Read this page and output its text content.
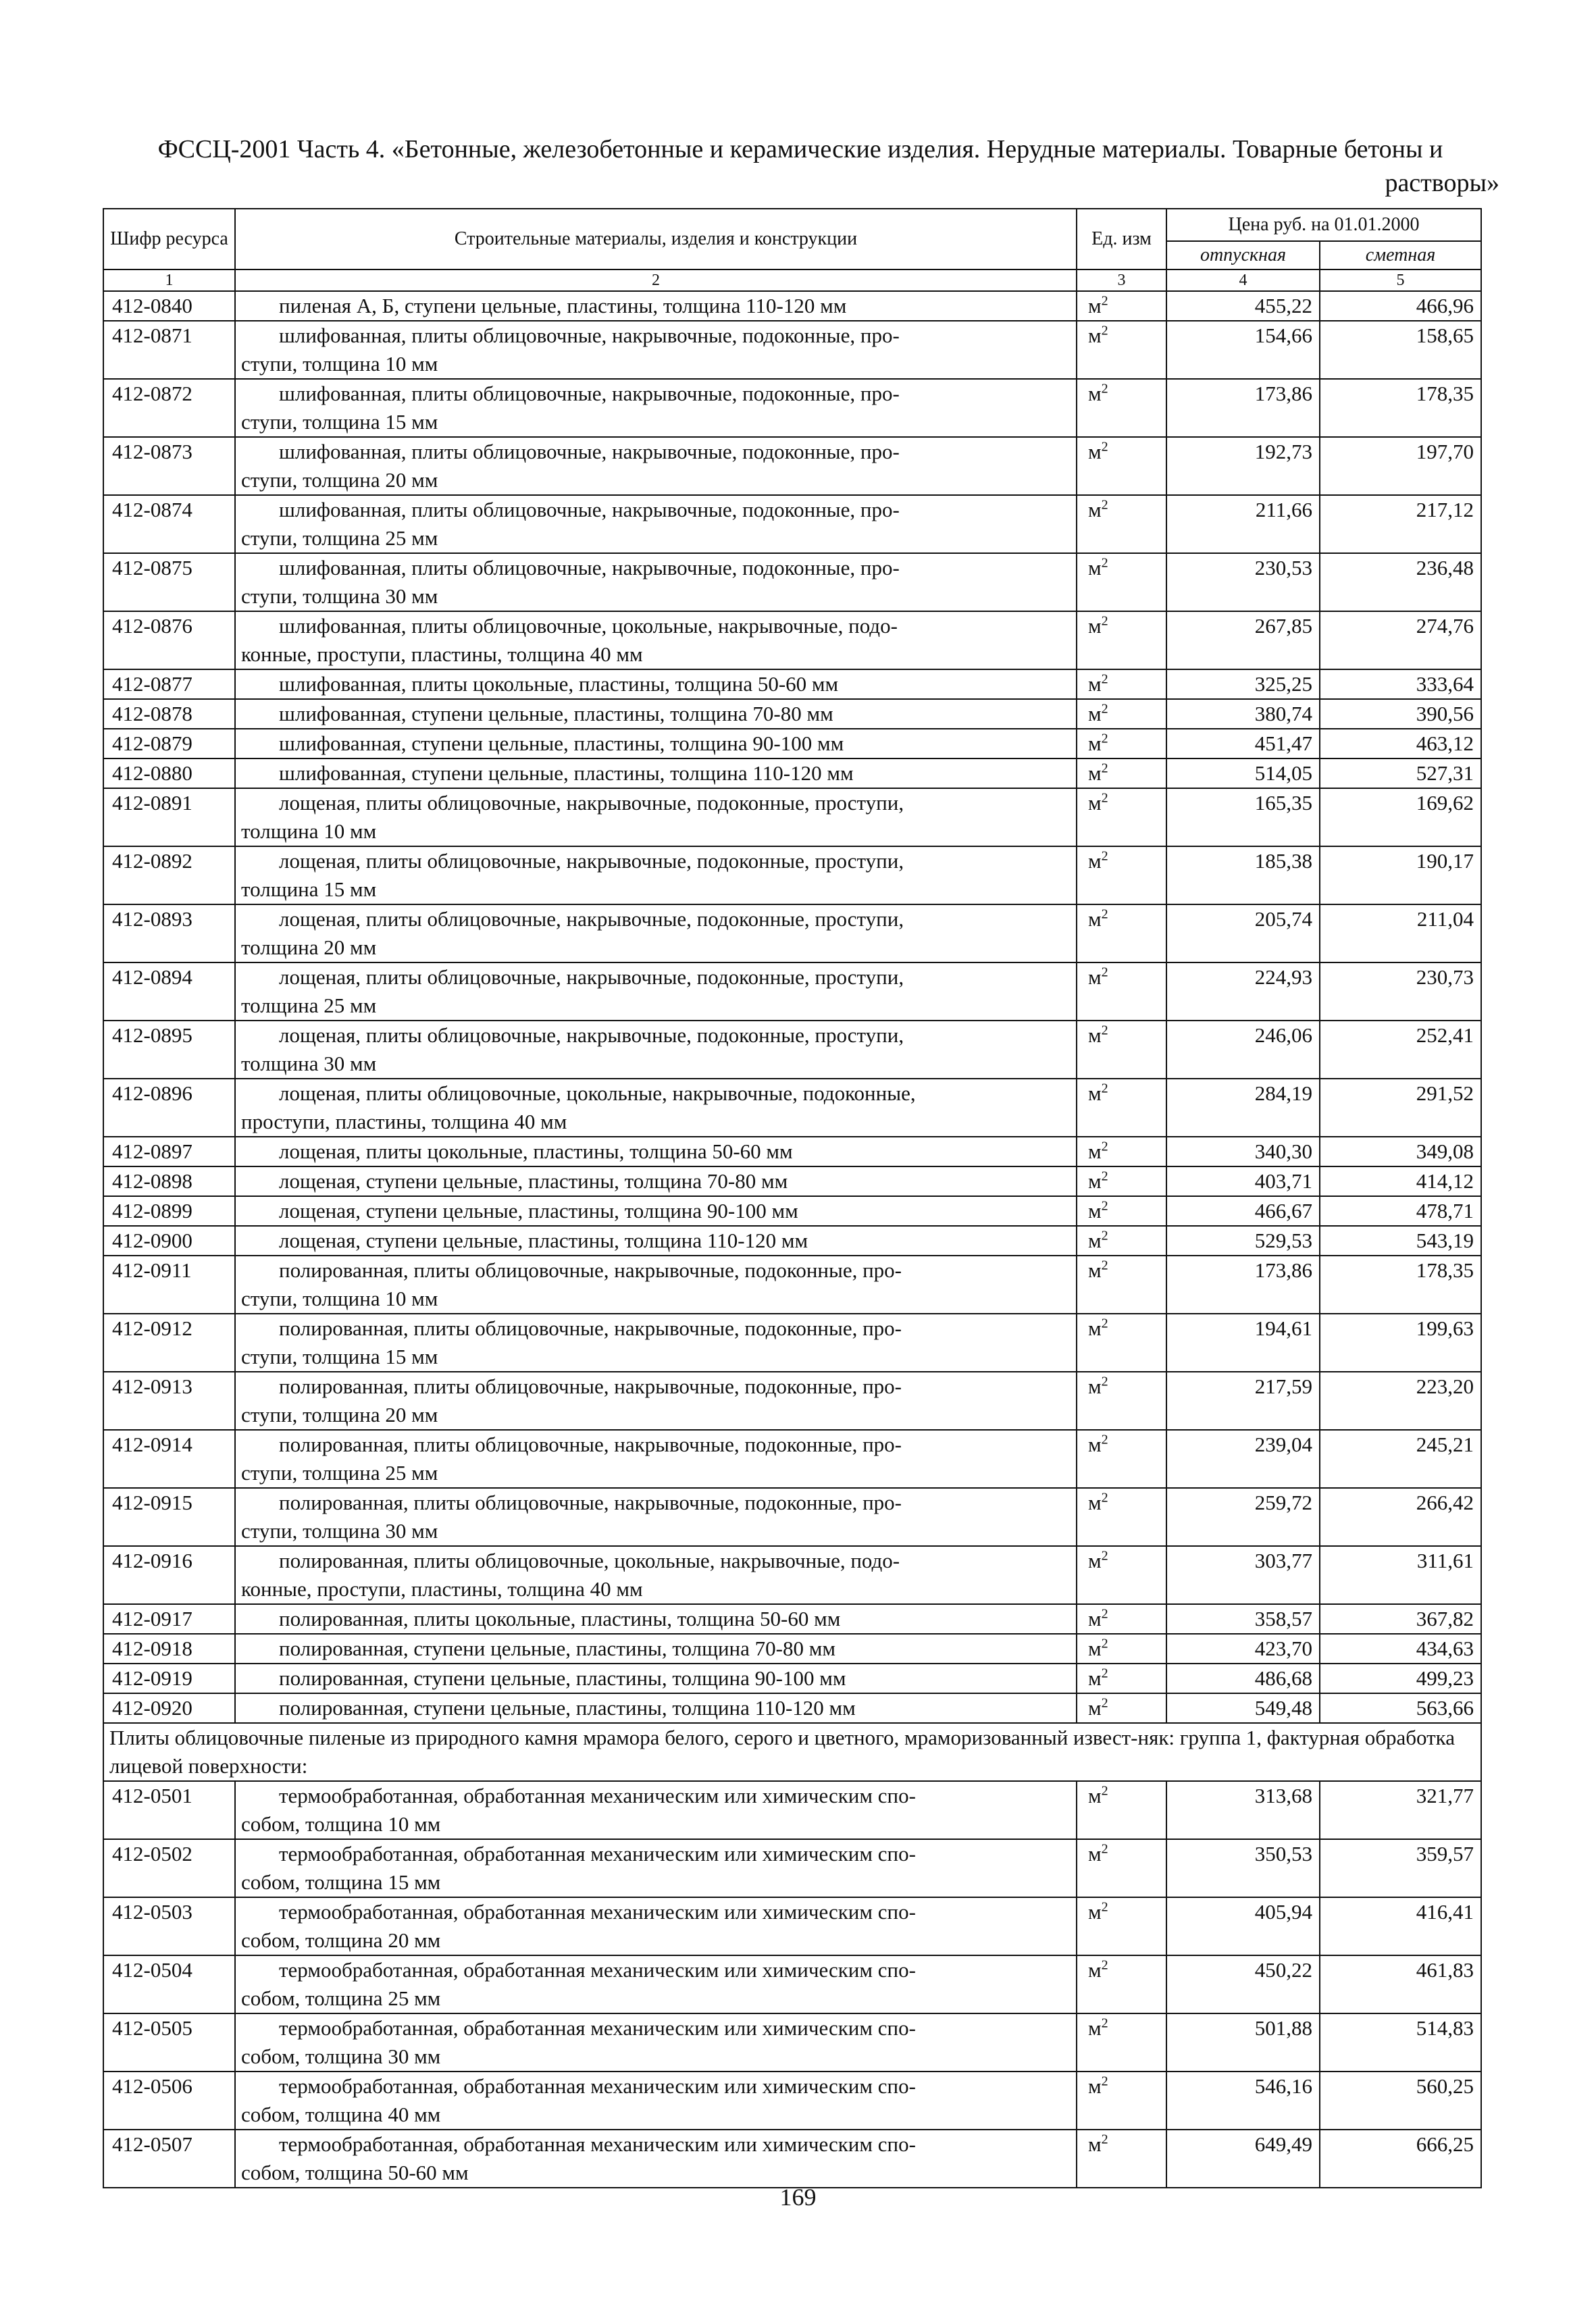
ФССЦ-2001 Часть 4. «Бетонные, железобетонные и керамические изделия. Нерудные материалы. Товарные бетоны и
растворы»
Шифр ресурса	Строительные материалы, изделия и конструкции	Ед. изм	Цена руб. на 01.01.2000	
			отпускная	сметная
1	2	3	4	5
412-0840	пиленая А, Б, ступени цельные, пластины, толщина 110-120 мм	$м^2$	455,22	466,96
412-0871	шлифованная, плиты облицовочные, накрывочные, подоконные, про-
ступи, толщина 10 мм	$м^2$	154,66	158,65
412-0872	шлифованная, плиты облицовочные, накрывочные, подоконные, про-
ступи, толщина 15 мм	$м^2$	173,86	178,35
412-0873	шлифованная, плиты облицовочные, накрывочные, подоконные, про-
ступи, толщина 20 мм	$м^2$	192,73	197,70
412-0874	шлифованная, плиты облицовочные, накрывочные, подоконные, про-
ступи, толщина 25 мм	$м^2$	211,66	217,12
412-0875	шлифованная, плиты облицовочные, накрывочные, подоконные, про-
ступи, толщина 30 мм	$м^2$	230,53	236,48
412-0876	шлифованная, плиты облицовочные, цокольные, накрывочные, подо-
конные, проступи, пластины, толщина 40 мм	$м^2$	267,85	274,76
412-0877	шлифованная, плиты цокольные, пластины, толщина 50-60 мм	$м^2$	325,25	333,64
412-0878	шлифованная, ступени цельные, пластины, толщина 70-80 мм	$м^2$	380,74	390,56
412-0879	шлифованная, ступени цельные, пластины, толщина 90-100 мм	$м^2$	451,47	463,12
412-0880	шлифованная, ступени цельные, пластины, толщина 110-120 мм	$м^2$	514,05	527,31
412-0891	лощеная, плиты облицовочные, накрывочные, подоконные, проступи,
толщина 10 мм	$м^2$	165,35	169,62
412-0892	лощеная, плиты облицовочные, накрывочные, подоконные, проступи,
толщина 15 мм	$м^2$	185,38	190,17
412-0893	лощеная, плиты облицовочные, накрывочные, подоконные, проступи,
толщина 20 мм	$м^2$	205,74	211,04
412-0894	лощеная, плиты облицовочные, накрывочные, подоконные, проступи,
толщина 25 мм	$м^2$	224,93	230,73
412-0895	лощеная, плиты облицовочные, накрывочные, подоконные, проступи,
толщина 30 мм	$м^2$	246,06	252,41
412-0896	лощеная, плиты облицовочные, цокольные, накрывочные, подоконные,
проступи, пластины, толщина 40 мм	$м^2$	284,19	291,52
412-0897	лощеная, плиты цокольные, пластины, толщина 50-60 мм	$м^2$	340,30	349,08
412-0898	лощеная, ступени цельные, пластины, толщина 70-80 мм	$м^2$	403,71	414,12
412-0899	лощеная, ступени цельные, пластины, толщина 90-100 мм	$м^2$	466,67	478,71
412-0900	лощеная, ступени цельные, пластины, толщина 110-120 мм	$м^2$	529,53	543,19
412-0911	полированная, плиты облицовочные, накрывочные, подоконные, про-
ступи, толщина 10 мм	$м^2$	173,86	178,35
412-0912	полированная, плиты облицовочные, накрывочные, подоконные, про-
ступи, толщина 15 мм	$м^2$	194,61	199,63
412-0913	полированная, плиты облицовочные, накрывочные, подоконные, про-
ступи, толщина 20 мм	$м^2$	217,59	223,20
412-0914	полированная, плиты облицовочные, накрывочные, подоконные, про-
ступи, толщина 25 мм	$м^2$	239,04	245,21
412-0915	полированная, плиты облицовочные, накрывочные, подоконные, про-
ступи, толщина 30 мм	$м^2$	259,72	266,42
412-0916	полированная, плиты облицовочные, цокольные, накрывочные, подо-
конные, проступи, пластины, толщина 40 мм	$м^2$	303,77	311,61
412-0917	полированная, плиты цокольные, пластины, толщина 50-60 мм	$м^2$	358,57	367,82
412-0918	полированная, ступени цельные, пластины, толщина 70-80 мм	$м^2$	423,70	434,63
412-0919	полированная, ступени цельные, пластины, толщина 90-100 мм	$м^2$	486,68	499,23
412-0920	полированная, ступени цельные, пластины, толщина 110-120 мм	$м^2$	549,48	563,66
Плиты облицовочные пиленые из природного камня мрамора белого, серого и цветного, мраморизованный извест-няк: группа 1, фактурная обработка лицевой поверхности:				
412-0501	термообработанная, обработанная механическим или химическим спо-
собом, толщина 10 мм	$м^2$	313,68	321,77
412-0502	термообработанная, обработанная механическим или химическим спо-
собом, толщина 15 мм	$м^2$	350,53	359,57
412-0503	термообработанная, обработанная механическим или химическим спо-
собом, толщина 20 мм	$м^2$	405,94	416,41
412-0504	термообработанная, обработанная механическим или химическим спо-
собом, толщина 25 мм	$м^2$	450,22	461,83
412-0505	термообработанная, обработанная механическим или химическим спо-
собом, толщина 30 мм	$м^2$	501,88	514,83
412-0506	термообработанная, обработанная механическим или химическим спо-
собом, толщина 40 мм	$м^2$	546,16	560,25
412-0507	термообработанная, обработанная механическим или химическим спо-
собом, толщина 50-60 мм	$м^2$	649,49	666,25
169
